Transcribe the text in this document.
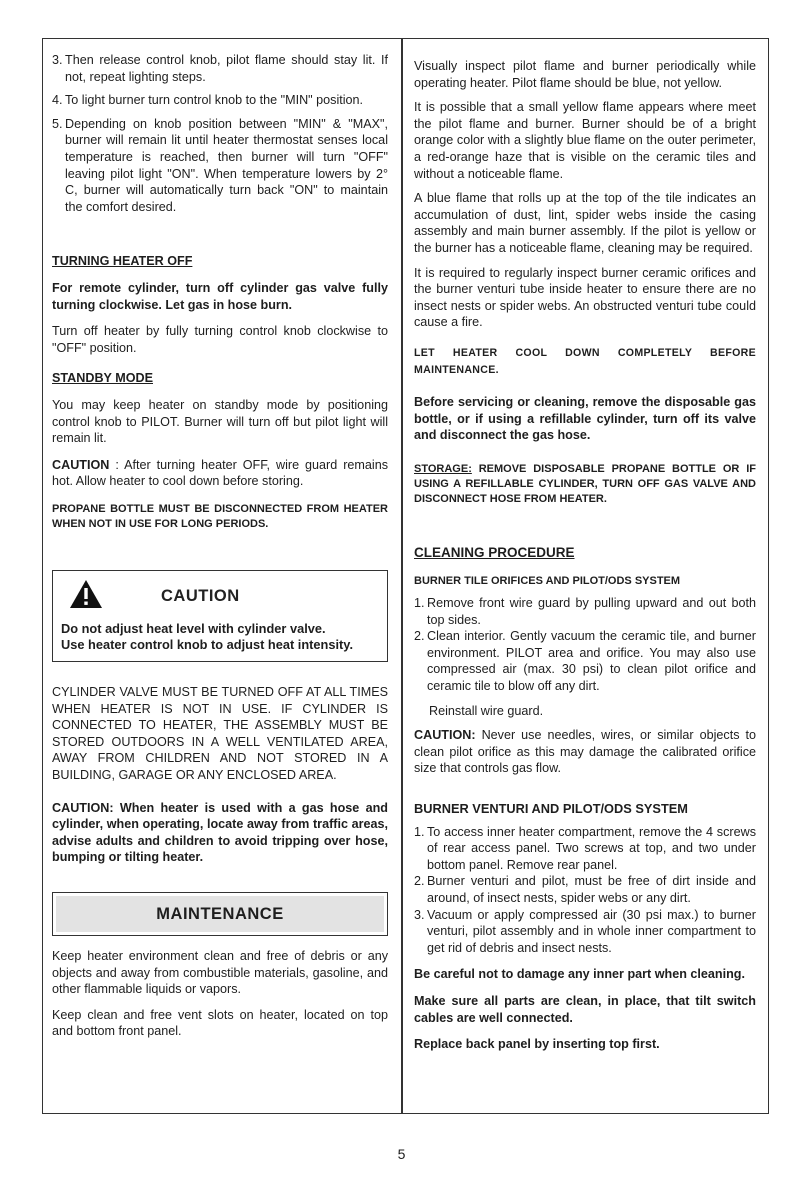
3. Then release control knob, pilot flame should stay lit. If not, repeat lighting steps.
4. To light burner turn control knob to the "MIN" position.
5. Depending on knob position between "MIN" & "MAX", burner will remain lit until heater thermostat senses local temperature is reached, then burner will turn "OFF" leaving pilot light "ON". When temperature lowers by 2° C, burner will automatically turn back "ON" to maintain the comfort desired.
TURNING HEATER OFF

For remote cylinder, turn off cylinder gas valve fully turning clockwise. Let gas in hose burn.

Turn off heater by fully turning control knob clockwise to "OFF" position.

STANDBY MODE

You may keep heater on standby mode by positioning control knob to PILOT. Burner will turn off but pilot light will remain lit.

CAUTION : After turning heater OFF, wire guard remains hot. Allow heater to cool down before storing.

PROPANE BOTTLE MUST BE DISCONNECTED FROM HEATER WHEN NOT IN USE FOR LONG PERIODS.

CAUTION
Do not adjust heat level with cylinder valve.
Use heater control knob to adjust heat intensity.

CYLINDER VALVE MUST BE TURNED OFF AT ALL TIMES WHEN HEATER IS NOT IN USE. IF CYLINDER IS CONNECTED TO HEATER, THE ASSEMBLY MUST BE STORED OUTDOORS IN A WELL VENTILATED AREA, AWAY FROM CHILDREN AND NOT STORED IN A BUILDING, GARAGE OR ANY ENCLOSED AREA.

CAUTION: When heater is used with a gas hose and cylinder, when operating, locate away from traffic areas, advise adults and children to avoid tripping over hose, bumping or tilting heater.

MAINTENANCE

Keep heater environment clean and free of debris or any objects and away from combustible materials, gasoline, and other flammable liquids or vapors.

Keep clean and free vent slots on heater, located on top and bottom front panel.

Visually inspect pilot flame and burner periodically while operating heater. Pilot flame should be blue, not yellow.

It is possible that a small yellow flame appears where meet the pilot flame and burner. Burner should be of a bright orange color with a slightly blue flame on the outer perimeter, a red-orange haze that is visible on the ceramic tiles and without a noticeable flame.

A blue flame that rolls up at the top of the tile indicates an accumulation of dust, lint, spider webs inside the casing assembly and main burner assembly. If the pilot is yellow or the burner has a noticeable flame, cleaning may be required.

It is required to regularly inspect burner ceramic orifices and the burner venturi tube inside heater to ensure there are no insect nests or spider webs. An obstructed venturi tube could cause a fire.

LET HEATER COOL DOWN COMPLETELY BEFORE MAINTENANCE.

Before servicing or cleaning, remove the disposable gas bottle, or if using a refillable cylinder, turn off its valve and disconnect the gas hose.

STORAGE: REMOVE DISPOSABLE PROPANE BOTTLE OR IF USING A REFILLABLE CYLINDER, TURN OFF GAS VALVE AND DISCONNECT HOSE FROM HEATER.

CLEANING PROCEDURE
BURNER TILE ORIFICES AND PILOT/ODS SYSTEM
1. Remove front wire guard by pulling upward and out both top sides.
2. Clean interior. Gently vacuum the ceramic tile, and burner environment. PILOT area and orifice. You may also use compressed air (max. 30 psi) to clean pilot orifice and ceramic tile to blow off any dirt.

Reinstall wire guard.

CAUTION: Never use needles, wires, or similar objects to clean pilot orifice as this may damage the calibrated orifice size that controls gas flow.

BURNER VENTURI AND PILOT/ODS SYSTEM
1. To access inner heater compartment, remove the 4 screws of rear access panel. Two screws at top, and two under bottom panel. Remove rear panel.
2. Burner venturi and pilot, must be free of dirt inside and around, of insect nests, spider webs or any dirt.
3. Vacuum or apply compressed air (30 psi max.) to burner venturi, pilot assembly and in whole inner compartment to get rid of debris and insect nests.

Be careful not to damage any inner part when cleaning.

Make sure all parts are clean, in place, that tilt switch cables are well connected.

Replace back panel by inserting top first.

5
